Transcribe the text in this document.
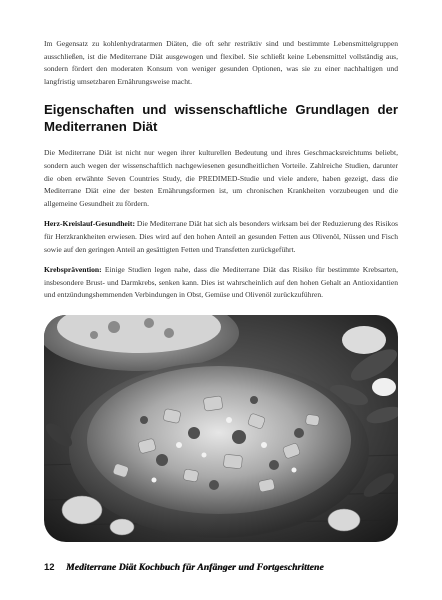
Im Gegensatz zu kohlenhydratarmen Diäten, die oft sehr restriktiv sind und bestimmte Lebensmittelgruppen ausschließen, ist die Mediterrane Diät ausgewogen und flexibel. Sie schließt keine Lebensmittel vollständig aus, sondern fördert den moderaten Konsum von weniger gesunden Optionen, was sie zu einer nachhaltigen und langfristig umsetzbaren Ernährungsweise macht.

Eigenschaften und wissenschaftliche Grundlagen der Mediterranen Diät

Die Mediterrane Diät ist nicht nur wegen ihrer kulturellen Bedeutung und ihres Geschmacksreichtums beliebt, sondern auch wegen der wissenschaftlich nachgewiesenen gesundheitlichen Vorteile. Zahlreiche Studien, darunter die oben erwähnte Seven Countries Study, die PREDIMED-Studie und viele andere, haben gezeigt, dass die Mediterrane Diät eine der besten Ernährungsformen ist, um chronischen Krankheiten vorzubeugen und die allgemeine Gesundheit zu fördern.

Herz-Kreislauf-Gesundheit: Die Mediterrane Diät hat sich als besonders wirksam bei der Reduzierung des Risikos für Herzkrankheiten erwiesen. Dies wird auf den hohen Anteil an gesunden Fetten aus Olivenöl, Nüssen und Fisch sowie auf den geringen Anteil an gesättigten Fetten und Transfetten zurückgeführt.

Krebsprävention: Einige Studien legen nahe, dass die Mediterrane Diät das Risiko für bestimmte Krebsarten, insbesondere Brust- und Darmkrebs, senken kann. Dies ist wahrscheinlich auf den hohen Gehalt an Antioxidantien und entzündungshemmenden Verbindungen in Obst, Gemüse und Olivenöl zurückzuführen.

12	Mediterrane Diät Kochbuch für Anfänger und Fortgeschrittene
